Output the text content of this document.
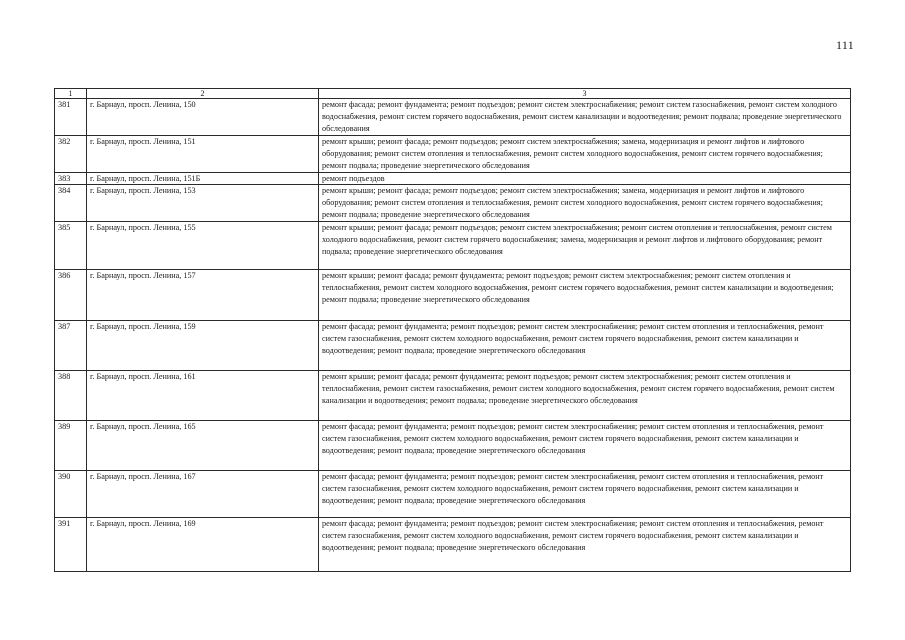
111
1	2	3
381	г. Барнаул, просп. Ленина, 150	ремонт фасада; ремонт фундамента; ремонт подъездов; ремонт систем электроснабжения; ремонт систем газоснабжения, ремонт систем холодного водоснабжения, ремонт систем горячего водоснабжения, ремонт систем канализации и водоотведения; ремонт подвала; проведение энергетического обследования
382	г. Барнаул, просп. Ленина, 151	ремонт крыши; ремонт фасада; ремонт подъездов; ремонт систем электроснабжения; замена, модернизация и ремонт лифтов и лифтового оборудования; ремонт систем отопления и теплоснабжения, ремонт систем холодного водоснабжения, ремонт систем горячего водоснабжения; ремонт подвала; проведение энергетического обследования
383	г. Барнаул, просп. Ленина, 151Б	ремонт подъездов
384	г. Барнаул, просп. Ленина, 153	ремонт крыши; ремонт фасада; ремонт подъездов; ремонт систем электроснабжения; замена, модернизация и ремонт лифтов и лифтового оборудования; ремонт систем отопления и теплоснабжения, ремонт систем холодного водоснабжения, ремонт систем горячего водоснабжения; ремонт подвала; проведение энергетического обследования
385	г. Барнаул, просп. Ленина, 155	ремонт крыши; ремонт фасада; ремонт подъездов; ремонт систем электроснабжения; ремонт систем отопления и теплоснабжения, ремонт систем холодного водоснабжения, ремонт систем горячего водоснабжения; замена, модернизация и ремонт лифтов и лифтового оборудования; ремонт подвала; проведение энергетического обследования
386	г. Барнаул, просп. Ленина, 157	ремонт крыши; ремонт фасада; ремонт фундамента; ремонт подъездов; ремонт систем электроснабжения; ремонт систем отопления и теплоснабжения, ремонт систем холодного водоснабжения, ремонт систем горячего водоснабжения, ремонт систем канализации и водоотведения; ремонт подвала; проведение энергетического обследования
387	г. Барнаул, просп. Ленина, 159	ремонт фасада; ремонт фундамента; ремонт подъездов; ремонт систем электроснабжения; ремонт систем отопления и теплоснабжения, ремонт систем газоснабжения, ремонт систем холодного водоснабжения, ремонт систем горячего водоснабжения, ремонт систем канализации и водоотведения; ремонт подвала; проведение энергетического обследования
388	г. Барнаул, просп. Ленина, 161	ремонт крыши; ремонт фасада; ремонт фундамента; ремонт подъездов; ремонт систем электроснабжения; ремонт систем отопления и теплоснабжения, ремонт систем газоснабжения, ремонт систем холодного водоснабжения, ремонт систем горячего водоснабжения, ремонт систем канализации и водоотведения; ремонт подвала; проведение энергетического обследования
389	г. Барнаул, просп. Ленина, 165	ремонт фасада; ремонт фундамента; ремонт подъездов; ремонт систем электроснабжения; ремонт систем отопления и теплоснабжения, ремонт систем газоснабжения, ремонт систем холодного водоснабжения, ремонт систем горячего водоснабжения, ремонт систем канализации и водоотведения; ремонт подвала; проведение энергетического обследования
390	г. Барнаул, просп. Ленина, 167	ремонт фасада; ремонт фундамента; ремонт подъездов; ремонт систем электроснабжения, ремонт систем отопления и теплоснабжения, ремонт систем газоснабжения, ремонт систем холодного водоснабжения, ремонт систем горячего водоснабжения, ремонт систем канализации и водоотведения; ремонт подвала; проведение энергетического обследования
391	г. Барнаул, просп. Ленина, 169	ремонт фасада; ремонт фундамента; ремонт подъездов; ремонт систем электроснабжения; ремонт систем отопления и теплоснабжения, ремонт систем газоснабжения, ремонт систем холодного водоснабжения, ремонт систем горячего водоснабжения, ремонт систем канализации и водоотведения; ремонт подвала; проведение энергетического обследования
